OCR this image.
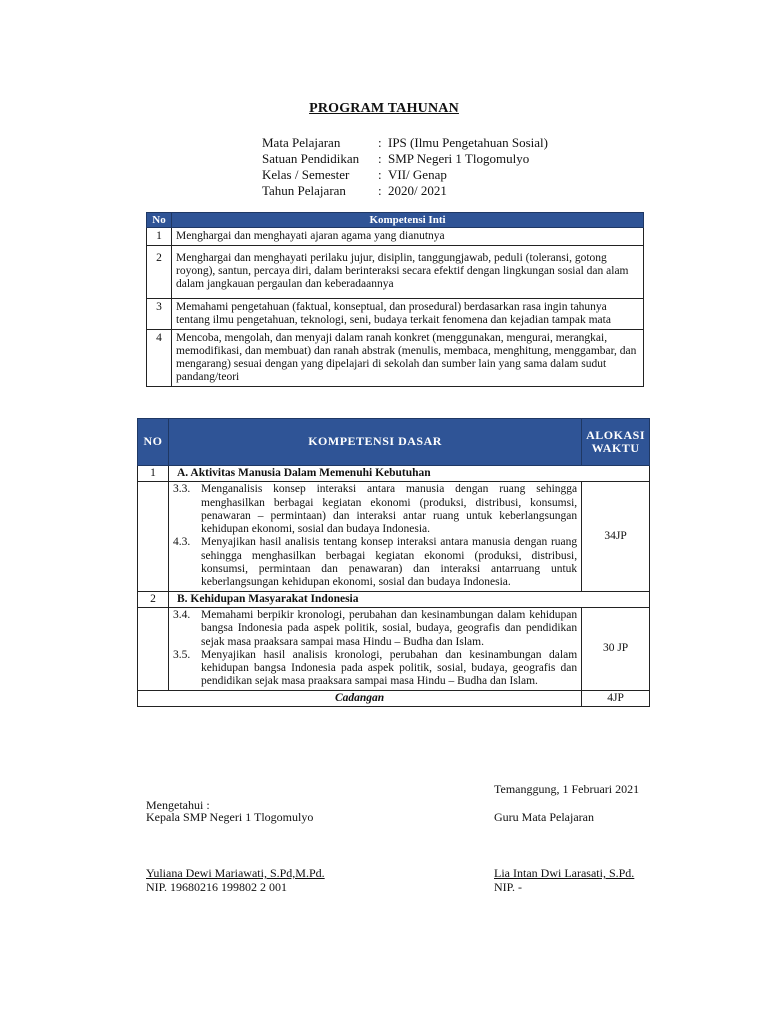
PROGRAM TAHUNAN
Mata Pelajaran	: IPS (Ilmu Pengetahuan Sosial)
Satuan Pendidikan	: SMP Negeri 1 Tlogomulyo
Kelas / Semester	: VII/ Genap
Tahun Pelajaran	: 2020/ 2021
No	Kompetensi Inti
1	Menghargai dan menghayati ajaran agama yang dianutnya
2	Menghargai dan menghayati perilaku jujur, disiplin, tanggungjawab, peduli (toleransi, gotong royong), santun, percaya diri, dalam berinteraksi secara efektif dengan lingkungan sosial dan alam dalam jangkauan pergaulan dan keberadaannya
3	Memahami pengetahuan (faktual, konseptual, dan prosedural) berdasarkan rasa ingin tahunya tentang ilmu pengetahuan, teknologi, seni, budaya terkait fenomena dan kejadian tampak mata
4	Mencoba, mengolah, dan menyaji dalam ranah konkret (menggunakan, mengurai, merangkai, memodifikasi, dan membuat) dan ranah abstrak (menulis, membaca, menghitung, menggambar, dan mengarang) sesuai dengan yang dipelajari di sekolah dan sumber lain yang sama dalam sudut pandang/teori
NO	KOMPETENSI DASAR	ALOKASI WAKTU
1	A. Aktivitas Manusia Dalam Memenuhi Kebutuhan	

	3.3. Menganalisis konsep interaksi antara manusia dengan ruang sehingga menghasilkan berbagai kegiatan ekonomi (produksi, distribusi, konsumsi, penawaran – permintaan) dan interaksi antar ruang untuk keberlangsungan kehidupan ekonomi, sosial dan budaya Indonesia.
4.3. Menyajikan hasil analisis tentang konsep interaksi antara manusia dengan ruang sehingga menghasilkan berbagai kegiatan ekonomi (produksi, distribusi, konsumsi, permintaan dan penawaran) dan interaksi antarruang untuk keberlangsungan kehidupan ekonomi, sosial dan budaya Indonesia.	34JP
2	B. Kehidupan Masyarakat Indonesia	

	3.4. Memahami berpikir kronologi, perubahan dan kesinambungan dalam kehidupan bangsa Indonesia pada aspek politik, sosial, budaya, geografis dan pendidikan sejak masa praaksara sampai masa Hindu – Budha dan Islam.
3.5. Menyajikan hasil analisis kronologi, perubahan dan kesinambungan dalam kehidupan bangsa Indonesia pada aspek politik, sosial, budaya, geografis dan pendidikan sejak masa praaksara sampai masa Hindu – Budha dan Islam.	30 JP
Cadangan		4JP
Temanggung, 1 Februari 2021
Mengetahui :
Kepala SMP Negeri 1 Tlogomulyo	Guru Mata Pelajaran
Yuliana Dewi Mariawati, S.Pd,M.Pd.
NIP. 19680216 199802 2 001
Lia Intan Dwi Larasati, S.Pd.
NIP. -
